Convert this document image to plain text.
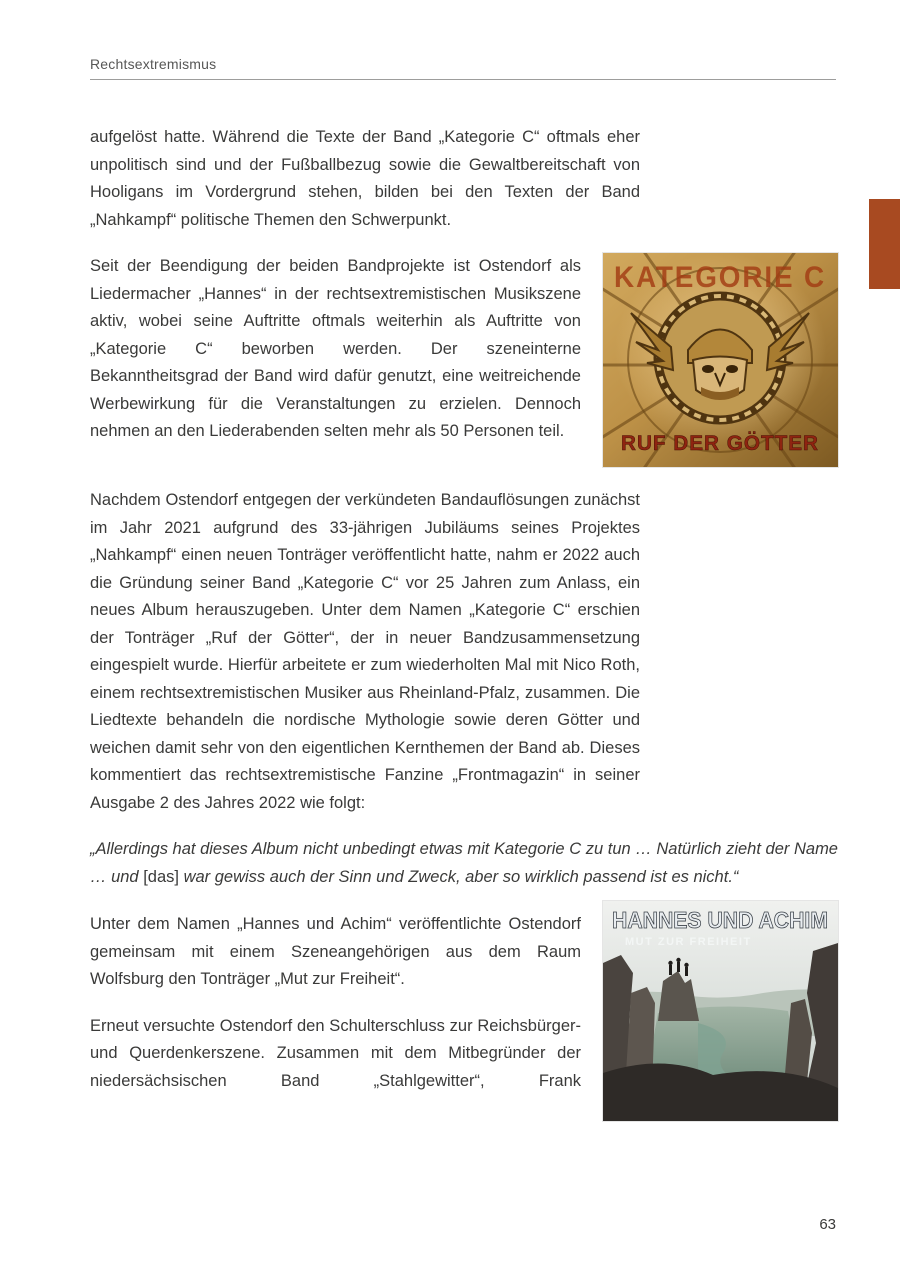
Rechtsextremismus

aufgelöst hatte. Während die Texte der Band „Kategorie C“ oftmals eher unpolitisch sind und der Fußballbezug sowie die Gewaltbereitschaft von Hooligans im Vordergrund stehen, bilden bei den Texten der Band „Nahkampf“ politische Themen den Schwerpunkt.

KATEGORIE C
RUF DER GÖTTER

Seit der Beendigung der beiden Bandprojekte ist Ostendorf als Liedermacher „Hannes“ in der rechtsextremistischen Musikszene aktiv, wobei seine Auftritte oftmals weiterhin als Auftritte von „Kategorie C“ beworben werden. Der szeneinterne Bekanntheitsgrad der Band wird dafür genutzt, eine weitreichende Werbewirkung für die Veranstaltungen zu erzielen. Dennoch nehmen an den Liederabenden selten mehr als 50 Personen teil.

Nachdem Ostendorf entgegen der verkündeten Bandauflösungen zunächst im Jahr 2021 aufgrund des 33-jährigen Jubiläums seines Projektes „Nahkampf“ einen neuen Tonträger veröffentlicht hatte, nahm er 2022 auch die Gründung seiner Band „Kategorie C“ vor 25 Jahren zum Anlass, ein neues Album herauszugeben. Unter dem Namen „Kategorie C“ erschien der Tonträger „Ruf der Götter“, der in neuer Bandzusammensetzung eingespielt wurde. Hierfür arbeitete er zum wiederholten Mal mit Nico Roth, einem rechtsextremistischen Musiker aus Rheinland-Pfalz, zusammen. Die Liedtexte behandeln die nordische Mythologie sowie deren Götter und weichen damit sehr von den eigentlichen Kernthemen der Band ab. Dieses kommentiert das rechtsextremistische Fanzine „Frontmagazin“ in seiner Ausgabe 2 des Jahres 2022 wie folgt:

„Allerdings hat dieses Album nicht unbedingt etwas mit Kategorie C zu tun … Natürlich zieht der Name … und [das] war gewiss auch der Sinn und Zweck, aber so wirklich passend ist es nicht.“

HANNES UND ACHIM
MUT ZUR FREIHEIT

Unter dem Namen „Hannes und Achim“ veröffentlichte Ostendorf gemeinsam mit einem Szeneangehörigen aus dem Raum Wolfsburg den Tonträger „Mut zur Freiheit“.

Erneut versuchte Ostendorf den Schulterschluss zur Reichsbürger- und Querdenkerszene. Zusammen mit dem Mitbegründer der niedersächsischen Band „Stahlgewitter“, Frank

63
